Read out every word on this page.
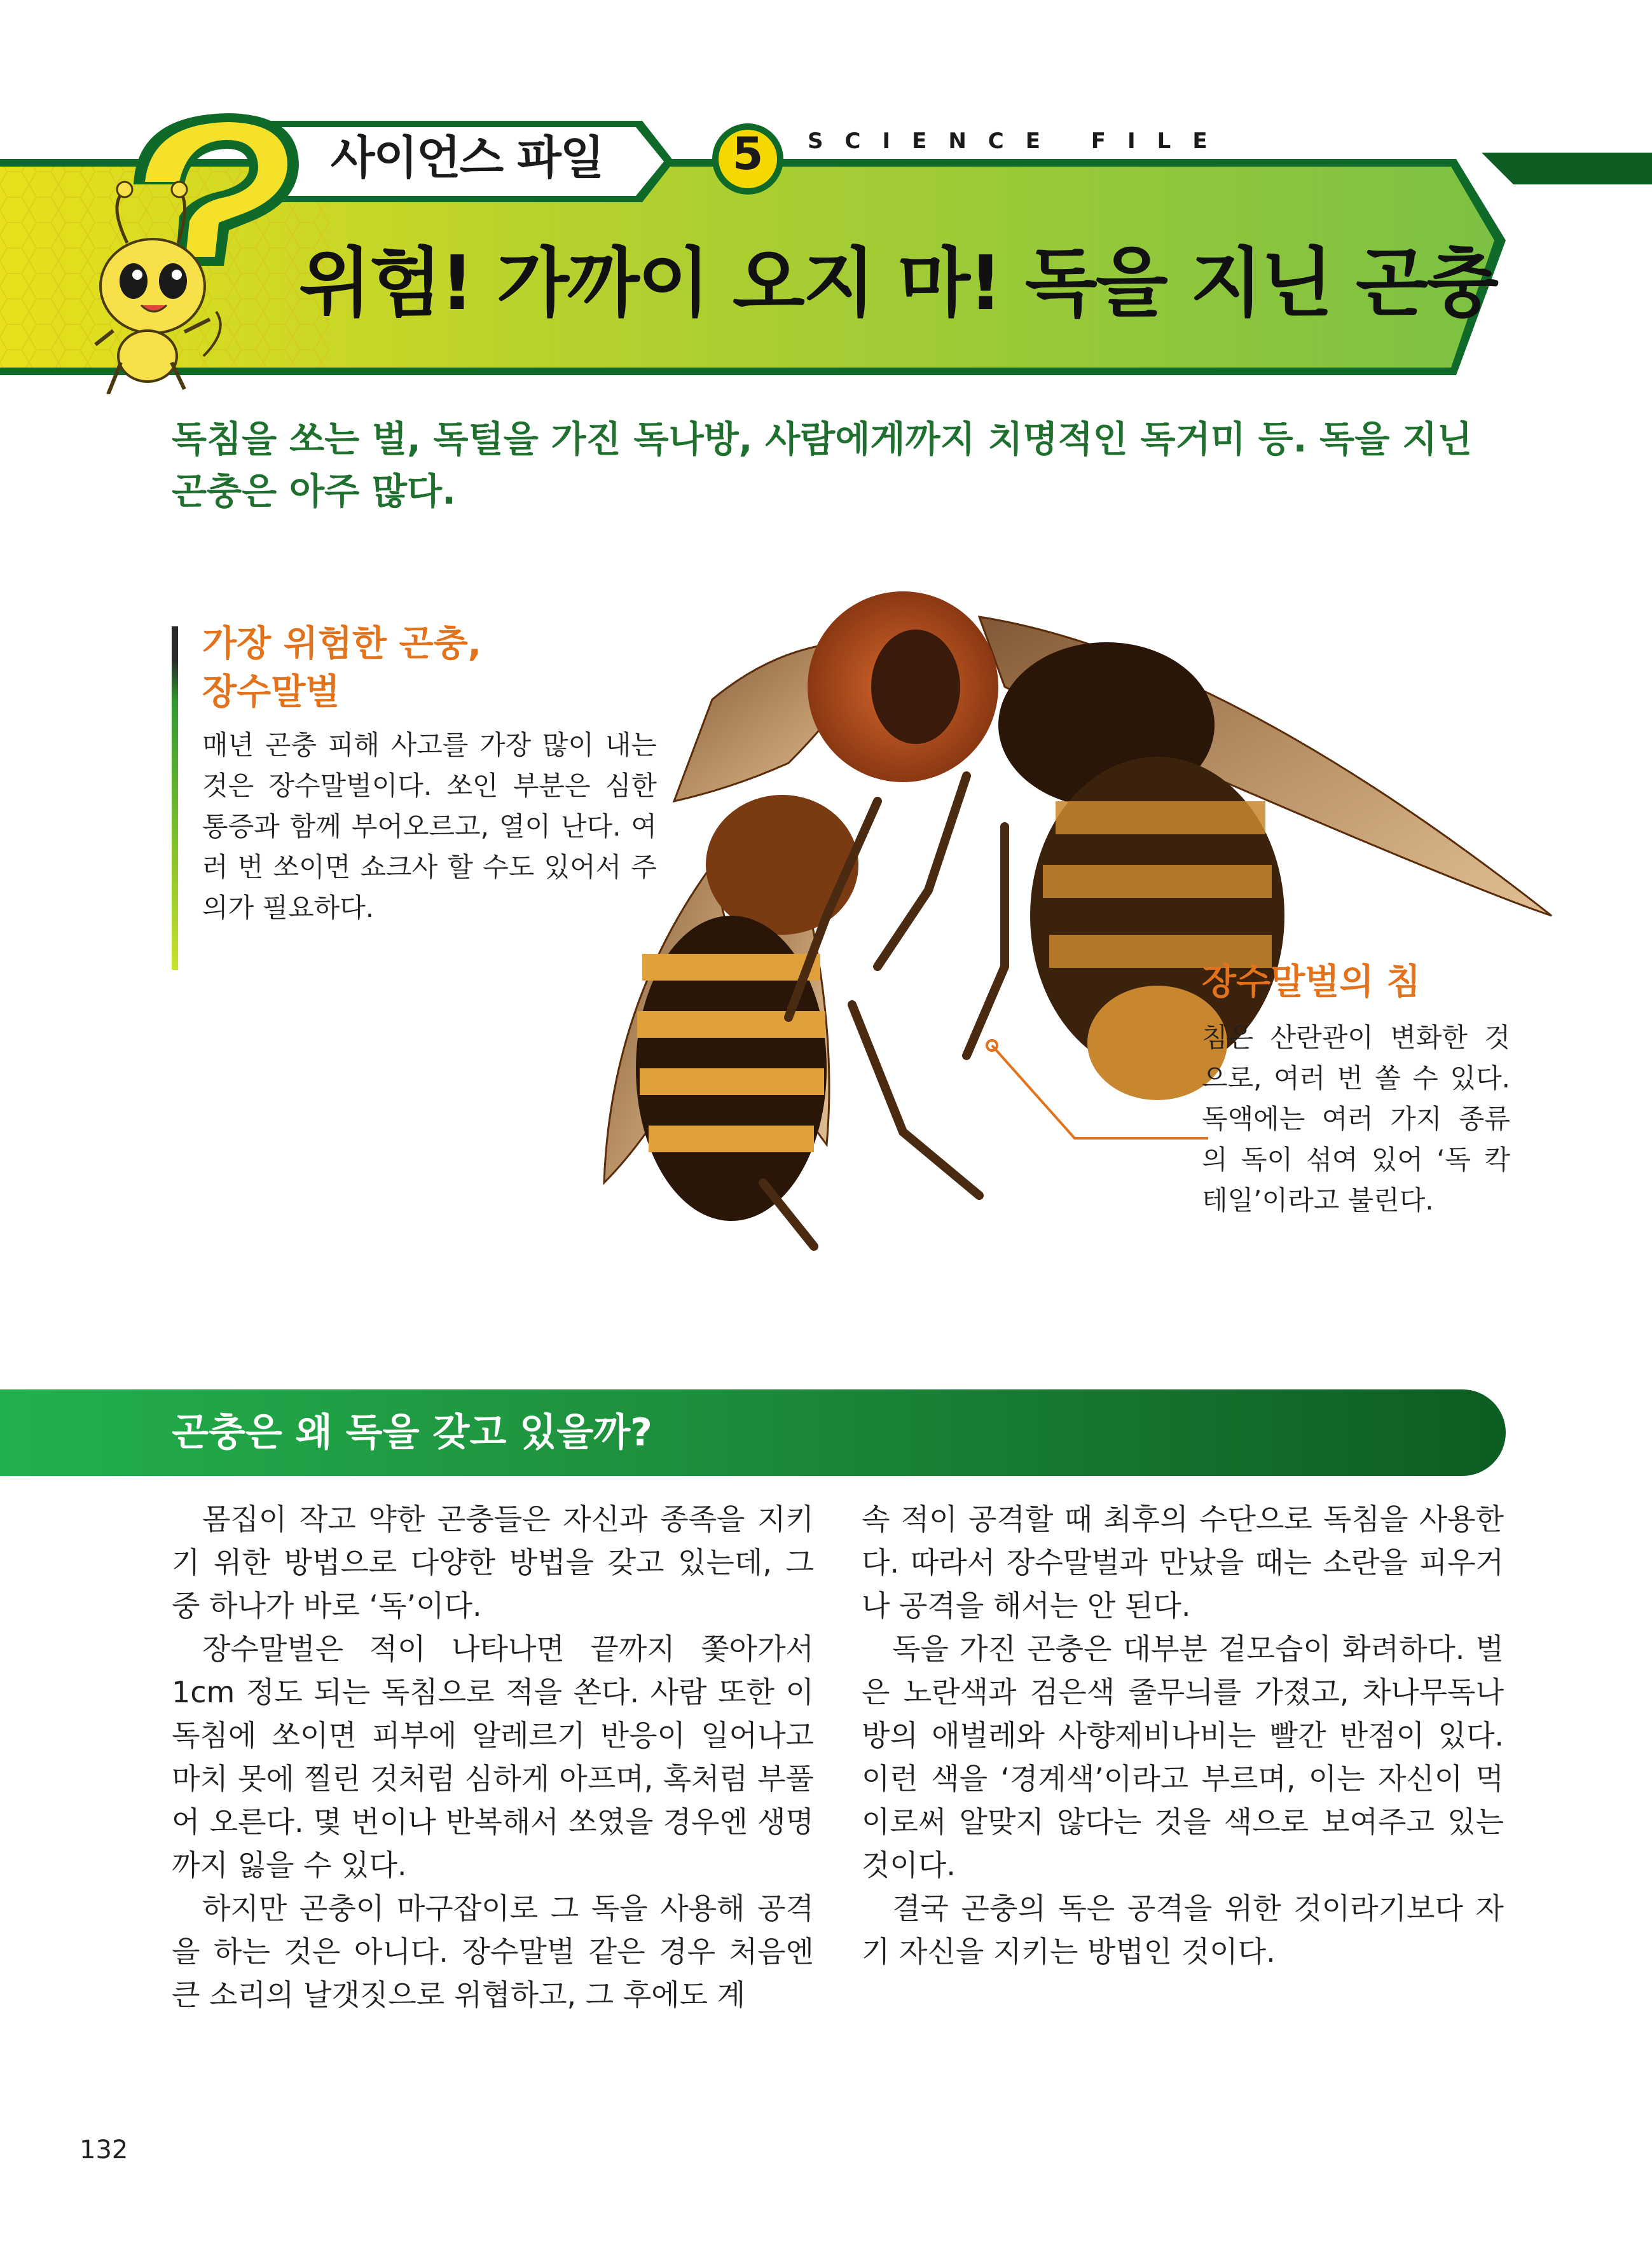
사이언스 파일	5	SCIENCE FILE
위험! 가까이 오지 마! 독을 지닌 곤충
독침을 쏘는 벌, 독털을 가진 독나방, 사람에게까지 치명적인 독거미 등. 독을 지닌 곤충은 아주 많다.
가장 위험한 곤충,
장수말벌
매년 곤충 피해 사고를 가장 많이 내는 것은 장수말벌이다. 쏘인 부분은 심한 통증과 함께 부어오르고, 열이 난다. 여러 번 쏘이면 쇼크사 할 수도 있어서 주의가 필요하다.
장수말벌의 침
침은 산란관이 변화한 것으로, 여러 번 쏠 수 있다. 독액에는 여러 가지 종류의 독이 섞여 있어 ‘독 칵테일’이라고 불린다.
곤충은 왜 독을 갖고 있을까?

몸집이 작고 약한 곤충들은 자신과 종족을 지키기 위한 방법으로 다양한 방법을 갖고 있는데, 그 중 하나가 바로 ‘독’이다.

장수말벌은 적이 나타나면 끝까지 쫓아가서 1cm 정도 되는 독침으로 적을 쏜다. 사람 또한 이 독침에 쏘이면 피부에 알레르기 반응이 일어나고 마치 못에 찔린 것처럼 심하게 아프며, 혹처럼 부풀어 오른다. 몇 번이나 반복해서 쏘였을 경우엔 생명까지 잃을 수 있다.

하지만 곤충이 마구잡이로 그 독을 사용해 공격을 하는 것은 아니다. 장수말벌 같은 경우 처음엔 큰 소리의 날갯짓으로 위협하고, 그 후에도 계

속 적이 공격할 때 최후의 수단으로 독침을 사용한다. 따라서 장수말벌과 만났을 때는 소란을 피우거나 공격을 해서는 안 된다.

독을 가진 곤충은 대부분 겉모습이 화려하다. 벌은 노란색과 검은색 줄무늬를 가졌고, 차나무독나방의 애벌레와 사향제비나비는 빨간 반점이 있다. 이런 색을 ‘경계색’이라고 부르며, 이는 자신이 먹이로써 알맞지 않다는 것을 색으로 보여주고 있는 것이다.

결국 곤충의 독은 공격을 위한 것이라기보다 자기 자신을 지키는 방법인 것이다.

132
